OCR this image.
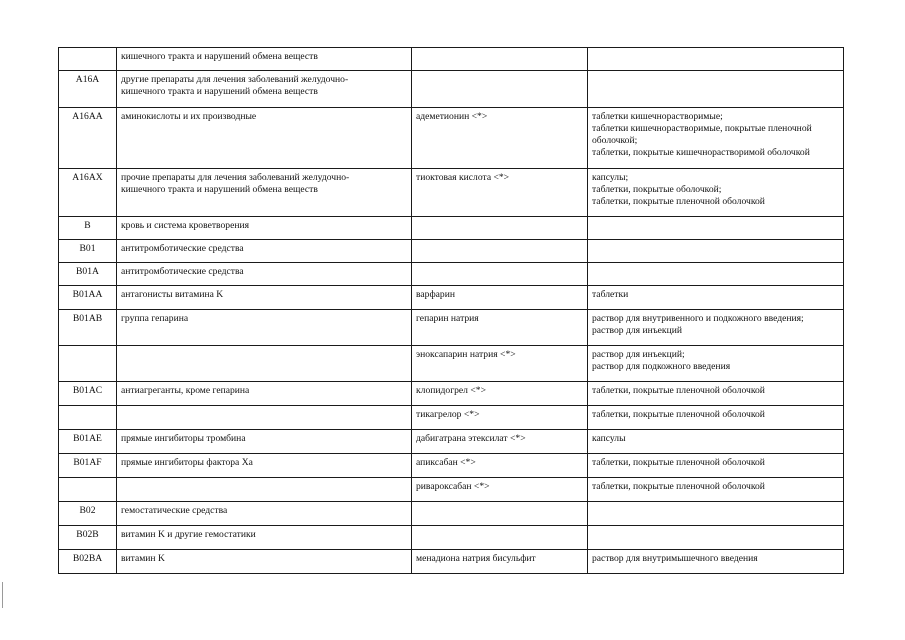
	кишечного тракта и нарушений обмена веществ		

A16A	другие препараты для лечения заболеваний желудочно-
кишечного тракта и нарушений обмена веществ		

A16AA	аминокислоты и их производные	адеметионин <*>	таблетки кишечнорастворимые;
таблетки кишечнорастворимые, покрытые пленочной
оболочкой;
таблетки, покрытые кишечнорастворимой оболочкой

A16AX	прочие препараты для лечения заболеваний желудочно-
кишечного тракта и нарушений обмена веществ	тиоктовая кислота <*>	капсулы;
таблетки, покрытые оболочкой;
таблетки, покрытые пленочной оболочкой

B	кровь и система кроветворения		

B01	антитромботические средства		

B01A	антитромботические средства		

B01AA	антагонисты витамина K	варфарин	таблетки

B01AB	группа гепарина	гепарин натрия	раствор для внутривенного и подкожного введения;
раствор для инъекций

		эноксапарин натрия <*>	раствор для инъекций;
раствор для подкожного введения

B01AC	антиагреганты, кроме гепарина	клопидогрел <*>	таблетки, покрытые пленочной оболочкой

		тикагрелор <*>	таблетки, покрытые пленочной оболочкой

B01AE	прямые ингибиторы тромбина	дабигатрана этексилат <*>	капсулы

B01AF	прямые ингибиторы фактора Xa	апиксабан <*>	таблетки, покрытые пленочной оболочкой

		ривароксабан <*>	таблетки, покрытые пленочной оболочкой

B02	гемостатические средства		

B02B	витамин K и другие гемостатики		

B02BA	витамин K	менадиона натрия бисульфит	раствор для внутримышечного введения
